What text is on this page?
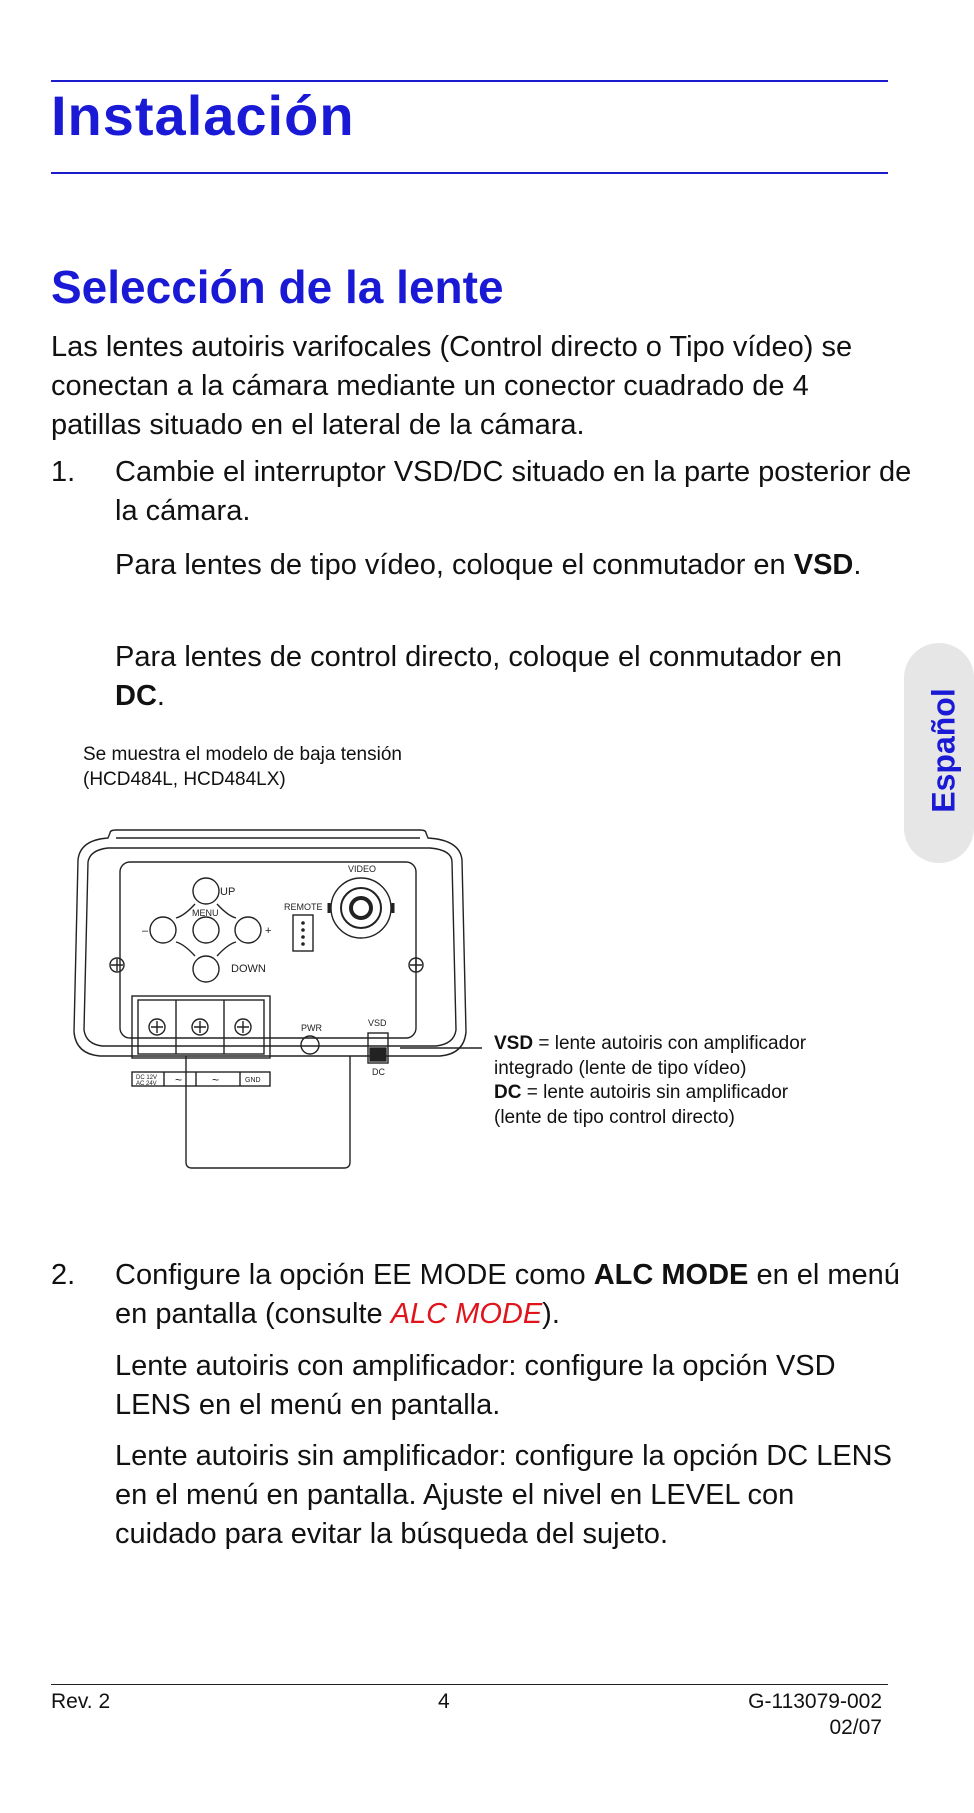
Instalación
Selección de la lente

Las lentes autoiris varifocales (Control directo o Tipo vídeo) se conectan a la cámara mediante un conector cuadrado de 4 patillas situado en el lateral de la cámara.

1. Cambie el interruptor VSD/DC situado en la parte posterior de la cámara.

Para lentes de tipo vídeo, coloque el conmutador en VSD.

Para lentes de control directo, coloque el conmutador en DC.	Español

Se muestra el modelo de baja tensión
(HCD484L, HCD484LX)

UP
MENU
DOWN
–	+
REMOTE
VIDEO
PWR	VSD
DC
DC 12V
AC 24V ~ ~	GND

VSD = lente autoiris con amplificador
integrado (lente de tipo vídeo)
DC = lente autoiris sin amplificador
(lente de tipo control directo)

2. Configure la opción EE MODE como ALC MODE en el menú en pantalla (consulte ALC MODE).

Lente autoiris con amplificador: configure la opción VSD LENS en el menú en pantalla.

Lente autoiris sin amplificador: configure la opción DC LENS en el menú en pantalla. Ajuste el nivel en LEVEL con cuidado para evitar la búsqueda del sujeto.

Rev. 2	4	G-113079-002
02/07
